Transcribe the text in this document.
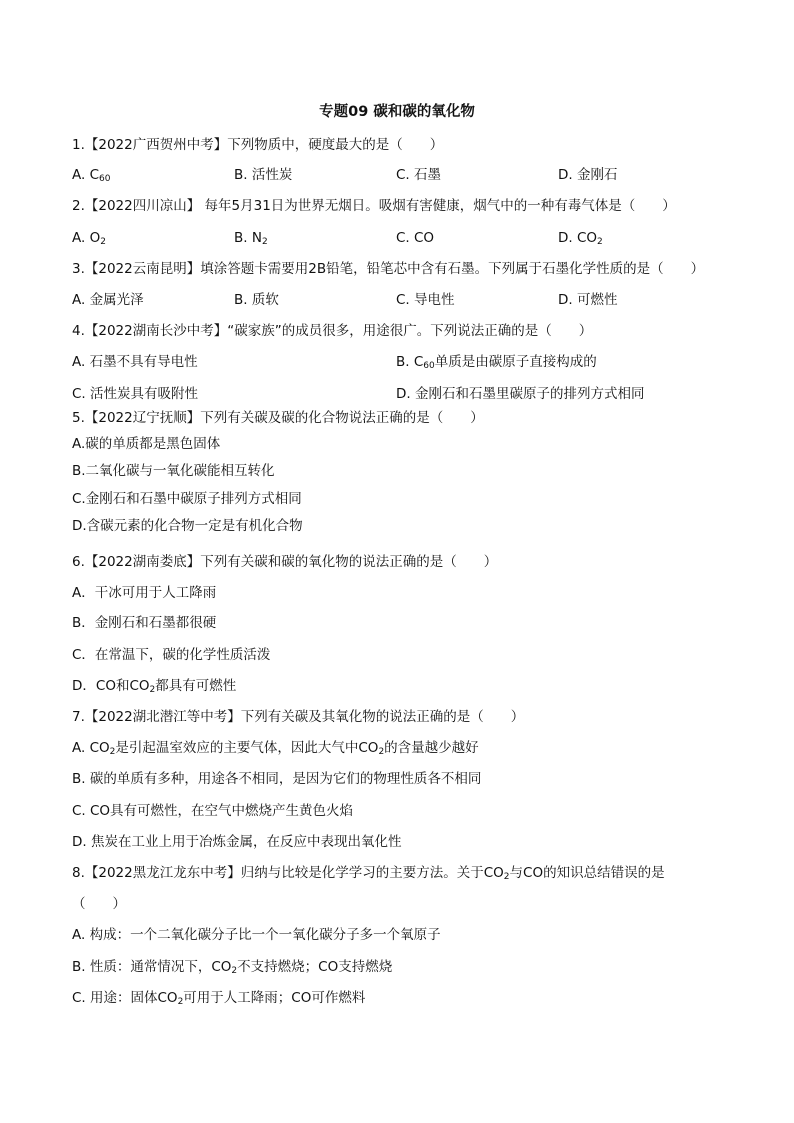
专题09 碳和碳的氧化物
1.【2022广西贺州中考】下列物质中，硬度最大的是（　　）
A. $C_{60}$	B. 活性炭	C. 石墨	D. 金刚石
2.【2022四川凉山】 每年5月31日为世界无烟日。吸烟有害健康，烟气中的一种有毒气体是（　　）
A. $O_2$	B. $N_2$	C. CO	D. $CO_2$
3.【2022云南昆明】填涂答题卡需要用2B铅笔，铅笔芯中含有石墨。下列属于石墨化学性质的是（　　）
A. 金属光泽	B. 质软	C. 导电性	D. 可燃性
4.【2022湖南长沙中考】“碳家族”的成员很多，用途很广。下列说法正确的是（　　）
A. 石墨不具有导电性	B. $C_{60}$单质是由碳原子直接构成的
C. 活性炭具有吸附性	D. 金刚石和石墨里碳原子的排列方式相同
5.【2022辽宁抚顺】下列有关碳及碳的化合物说法正确的是（　　）
A.碳的单质都是黑色固体
B.二氧化碳与一氧化碳能相互转化
C.金刚石和石墨中碳原子排列方式相同
D.含碳元素的化合物一定是有机化合物
6.【2022湖南娄底】下列有关碳和碳的氧化物的说法正确的是（　　）
A．干冰可用于人工降雨
B．金刚石和石墨都很硬
C．在常温下，碳的化学性质活泼
D．CO和$CO_2$都具有可燃性
7.【2022湖北潜江等中考】下列有关碳及其氧化物的说法正确的是（　　）
A. $CO_2$是引起温室效应的主要气体，因此大气中$CO_2$的含量越少越好
B. 碳的单质有多种，用途各不相同，是因为它们的物理性质各不相同
C. CO具有可燃性，在空气中燃烧产生黄色火焰
D. 焦炭在工业上用于冶炼金属，在反应中表现出氧化性
8.【2022黑龙江龙东中考】归纳与比较是化学学习的主要方法。关于$CO_2$与CO的知识总结错误的是
（　　）
A. 构成：一个二氧化碳分子比一个一氧化碳分子多一个氧原子
B. 性质：通常情况下，$CO_2$不支持燃烧；CO支持燃烧
C. 用途：固体$CO_2$可用于人工降雨；CO可作燃料
